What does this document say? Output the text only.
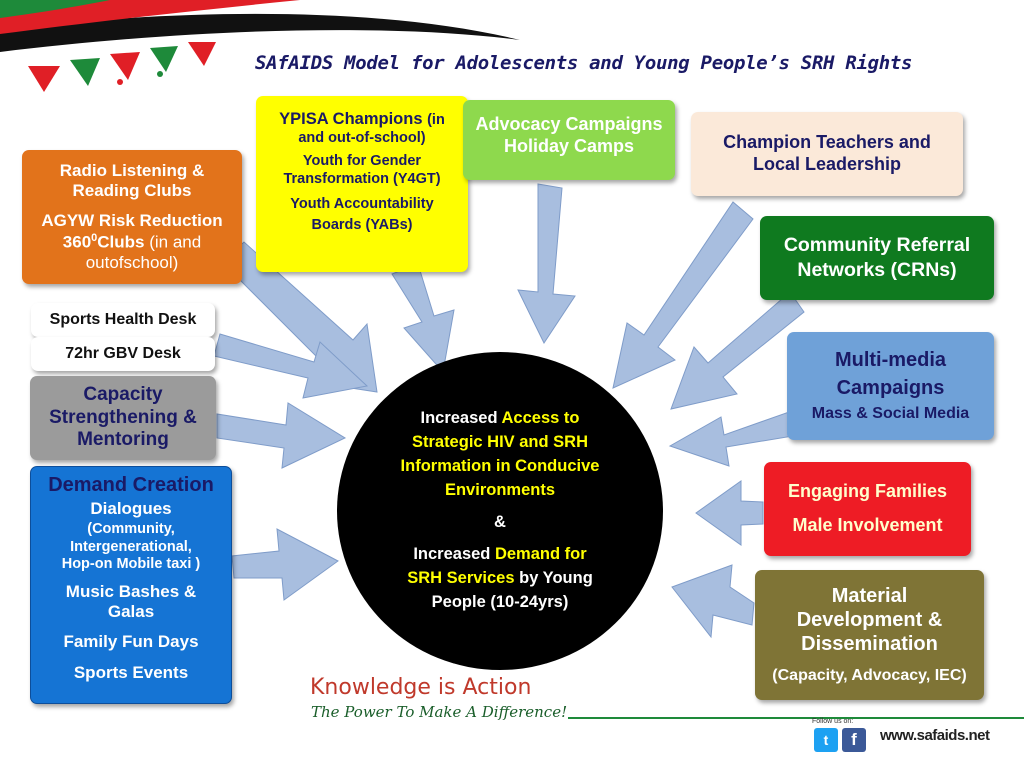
SAfAIDS Model for Adolescents and Young People’s SRH Rights
Radio Listening &
Reading Clubs
AGYW Risk Reduction
$360^0Clubs$ (in and
outofschool)
YPISA Champions (in
and out-of-school)
Youth for Gender
Transformation (Y4GT)
Youth Accountability
Boards (YABs)
Advocacy Campaigns
Holiday Camps	Champion Teachers and
Local Leadership
Community Referral
Networks (CRNs)
Multi-media
Campaigns
Mass & Social Media
Sports Health Desk
72hr GBV Desk
Capacity
Strengthening &
Mentoring
Demand Creation
Dialogues
(Community,
Intergenerational,
Hop-on Mobile taxi )
Music Bashes &
Galas
Family Fun Days
Sports Events
Engaging Families
Male Involvement
Material
Development &
Dissemination
(Capacity, Advocacy, IEC)

Increased Access to
Strategic HIV and SRH
Information in Conducive
Environments

&

Increased Demand for
SRH Services by Young
People (10-24yrs)

Knowledge is Action
The Power To Make A Difference!
Follow us on:
t	f	www.safaids.net
